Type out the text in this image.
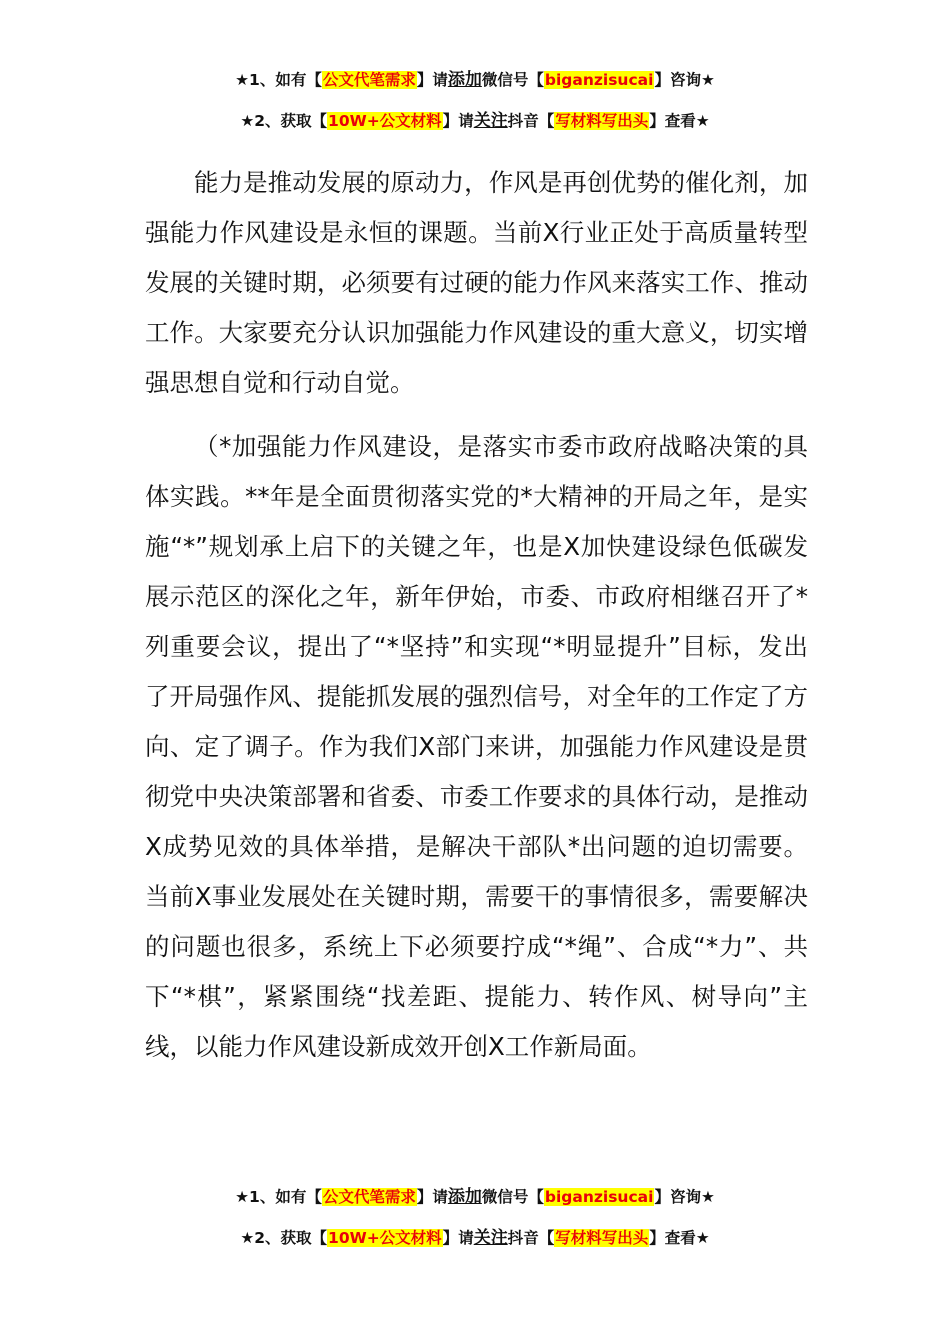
★1、如有【公文代笔需求】请添加微信号【biganzisucai】咨询★
★2、获取【10W+公文材料】请关注抖音【写材料写出头】查看★

能力是推动发展的原动力，作风是再创优势的催化剂，加强能力作风建设是永恒的课题。当前X行业正处于高质量转型发展的关键时期，必须要有过硬的能力作风来落实工作、推动工作。大家要充分认识加强能力作风建设的重大意义，切实增强思想自觉和行动自觉。

（*加强能力作风建设，是落实市委市政府战略决策的具体实践。**年是全面贯彻落实党的*大精神的开局之年，是实施“*”规划承上启下的关键之年，也是X加快建设绿色低碳发展示范区的深化之年，新年伊始，市委、市政府相继召开了*列重要会议，提出了“*坚持”和实现“*明显提升”目标，发出了开局强作风、提能抓发展的强烈信号，对全年的工作定了方向、定了调子。作为我们X部门来讲，加强能力作风建设是贯彻党中央决策部署和省委、市委工作要求的具体行动，是推动X成势见效的具体举措，是解决干部队*出问题的迫切需要。当前X事业发展处在关键时期，需要干的事情很多，需要解决的问题也很多，系统上下必须要拧成“*绳”、合成“*力”、共下“*棋”，紧紧围绕“找差距、提能力、转作风、树导向”主线，以能力作风建设新成效开创X工作新局面。

★1、如有【公文代笔需求】请添加微信号【biganzisucai】咨询★
★2、获取【10W+公文材料】请关注抖音【写材料写出头】查看★
